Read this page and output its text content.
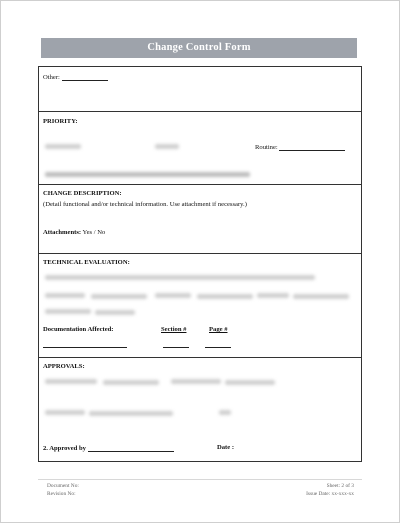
Change Control Form
Other:
PRIORITY:
Routine:
CHANGE DESCRIPTION:
(Detail functional and/or technical information. Use attachment if necessary.)
Attachments: Yes / No
TECHNICAL EVALUATION:
Documentation Affected:	Section #	Page #
APPROVALS:
2. Approved by	Date :
Document No:
Revision No:
Sheet: 2 of 3
Issue Date: xx-xxx-xx
